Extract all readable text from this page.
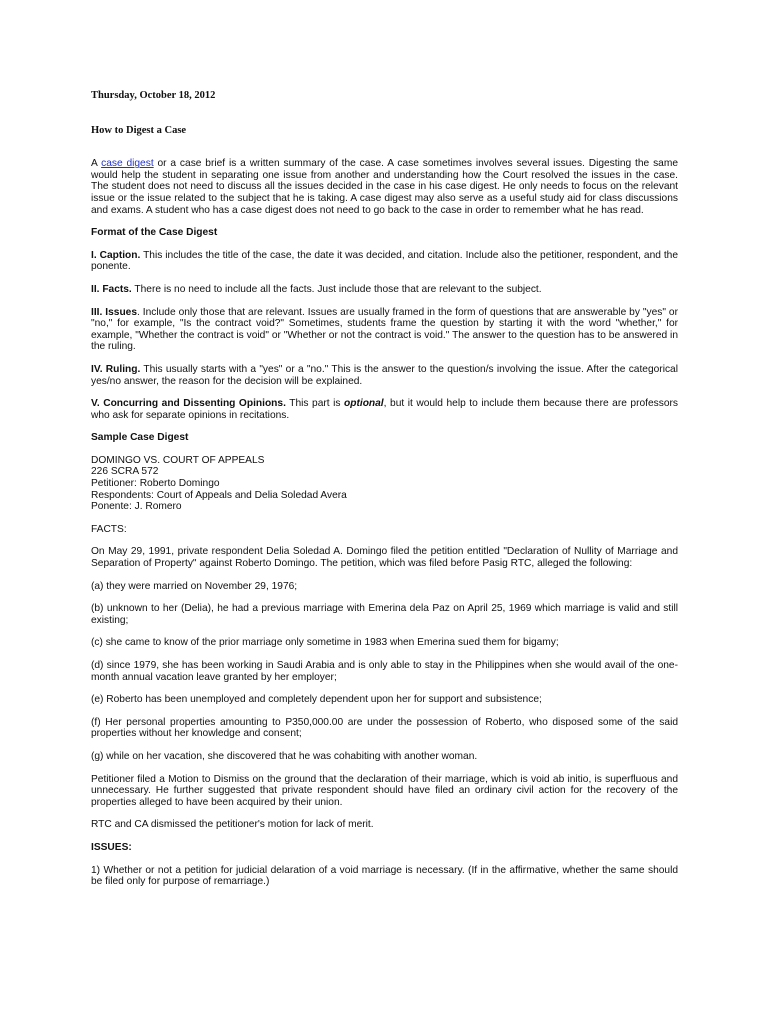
Thursday, October 18, 2012
How to Digest a Case

A case digest or a case brief is a written summary of the case. A case sometimes involves several issues. Digesting the same would help the student in separating one issue from another and understanding how the Court resolved the issues in the case. The student does not need to discuss all the issues decided in the case in his case digest. He only needs to focus on the relevant issue or the issue related to the subject that he is taking. A case digest may also serve as a useful study aid for class discussions and exams. A student who has a case digest does not need to go back to the case in order to remember what he has read.

Format of the Case Digest

I. Caption. This includes the title of the case, the date it was decided, and citation. Include also the petitioner, respondent, and the ponente.

II. Facts. There is no need to include all the facts. Just include those that are relevant to the subject.

III. Issues. Include only those that are relevant. Issues are usually framed in the form of questions that are answerable by "yes" or "no," for example, "Is the contract void?" Sometimes, students frame the question by starting it with the word "whether," for example, "Whether the contract is void" or "Whether or not the contract is void." The answer to the question has to be answered in the ruling.

IV. Ruling. This usually starts with a "yes" or a "no." This is the answer to the question/s involving the issue. After the categorical yes/no answer, the reason for the decision will be explained.

V. Concurring and Dissenting Opinions. This part is optional, but it would help to include them because there are professors who ask for separate opinions in recitations.

Sample Case Digest
DOMINGO VS. COURT OF APPEALS
226 SCRA 572
Petitioner: Roberto Domingo
Respondents: Court of Appeals and Delia Soledad Avera
Ponente: J. Romero

FACTS:

On May 29, 1991, private respondent Delia Soledad A. Domingo filed the petition entitled "Declaration of Nullity of Marriage and Separation of Property" against Roberto Domingo. The petition, which was filed before Pasig RTC, alleged the following:

(a) they were married on November 29, 1976;

(b) unknown to her (Delia), he had a previous marriage with Emerina dela Paz on April 25, 1969 which marriage is valid and still existing;

(c) she came to know of the prior marriage only sometime in 1983 when Emerina sued them for bigamy;

(d) since 1979, she has been working in Saudi Arabia and is only able to stay in the Philippines when she would avail of the one-month annual vacation leave granted by her employer;

(e) Roberto has been unemployed and completely dependent upon her for support and subsistence;

(f) Her personal properties amounting to P350,000.00 are under the possession of Roberto, who disposed some of the said properties without her knowledge and consent;

(g) while on her vacation, she discovered that he was cohabiting with another woman.

Petitioner filed a Motion to Dismiss on the ground that the declaration of their marriage, which is void ab initio, is superfluous and unnecessary. He further suggested that private respondent should have filed an ordinary civil action for the recovery of the properties alleged to have been acquired by their union.

RTC and CA dismissed the petitioner's motion for lack of merit.

ISSUES:

1) Whether or not a petition for judicial delaration of a void marriage is necessary. (If in the affirmative, whether the same should be filed only for purpose of remarriage.)
